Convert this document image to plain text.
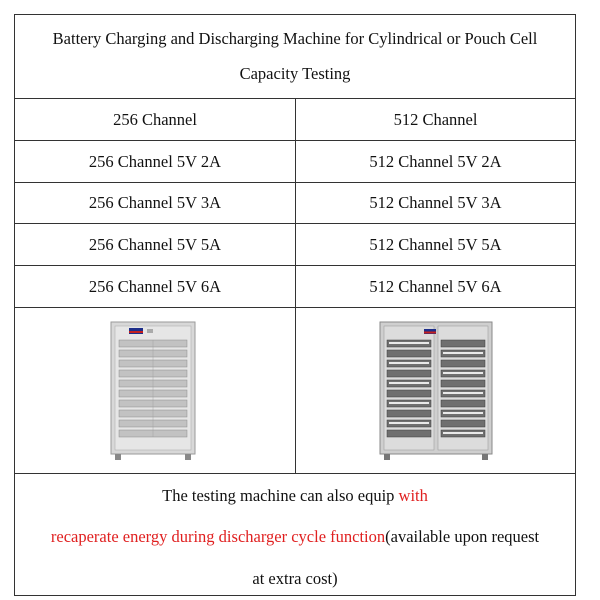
Battery Charging and Discharging Machine for Cylindrical or Pouch Cell
Capacity Testing
256 Channel	512 Channel
256 Channel 5V 2A	512 Channel 5V 2A
256 Channel 5V 3A	512 Channel 5V 3A
256 Channel 5V 5A	512 Channel 5V 5A
256 Channel 5V 6A	512 Channel 5V 6A
The testing machine can also equip with
recaperate energy during discharger cycle function(available upon request
at extra cost)
